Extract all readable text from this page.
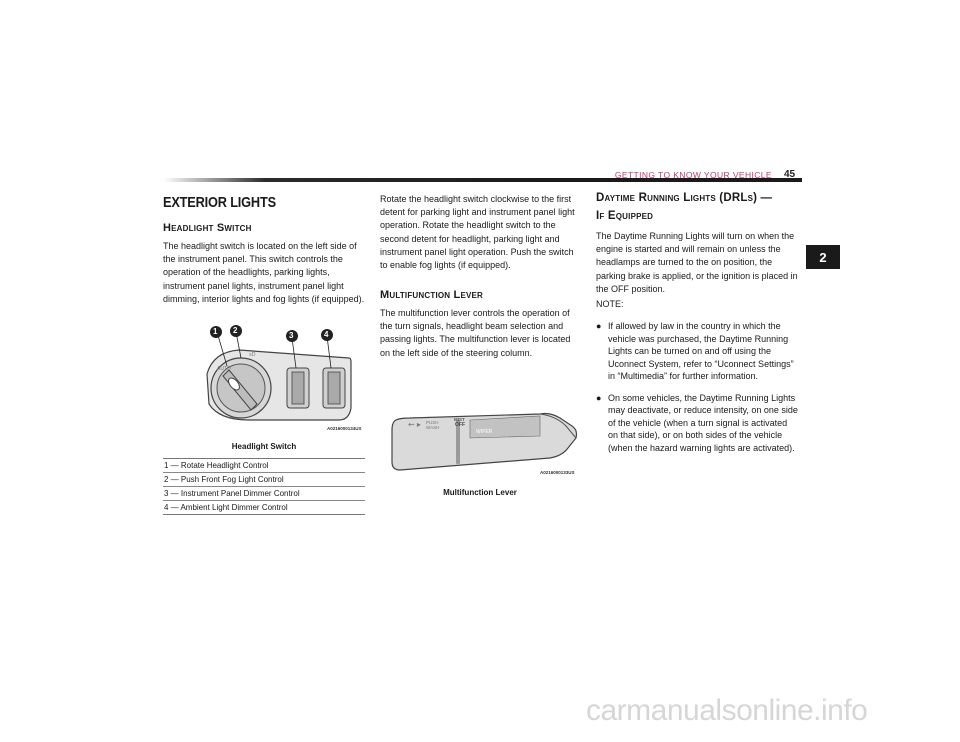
GETTING TO KNOW YOUR VEHICLE 45
2
EXTERIOR LIGHTS
Headlight Switch

The headlight switch is located on the left side of the instrument panel. This switch controls the operation of the headlights, parking lights, instrument panel lights, instrument panel light dimming, interior lights and fog lights (if equipped).

AUTO
≡D
1 2
3	4
A0216000134US
Headlight Switch
1 — Rotate Headlight Control
2 — Push Front Fog Light Control
3 — Instrument Panel Dimmer Control
4 — Ambient Light Dimmer Control

Rotate the headlight switch clockwise to the first detent for parking light and instrument panel light operation. Rotate the headlight switch to the second detent for headlight, parking light and instrument panel light operation. Push the switch to enable fog lights (if equipped).

Multifunction Lever

The multifunction lever controls the operation of the turn signals, headlight beam selection and passing lights. The multifunction lever is located on the left side of the steering column.

⇜ ▸ PUSH
WASH
MIST
OFF
WIPER
A0216000133US
Multifunction Lever
Daytime Running Lights (DRLs) —
If Equipped

The Daytime Running Lights will turn on when the engine is started and will remain on unless the headlamps are turned to the on position, the parking brake is applied, or the ignition is placed in the OFF position.

NOTE:

● If allowed by law in the country in which the vehicle was purchased, the Daytime Running Lights can be turned on and off using the Uconnect System, refer to “Uconnect Settings” in “Multimedia” for further information.

● On some vehicles, the Daytime Running Lights may deactivate, or reduce intensity, on one side of the vehicle (when a turn signal is activated on that side), or on both sides of the vehicle (when the hazard warning lights are activated).

carmanualsonline.info
